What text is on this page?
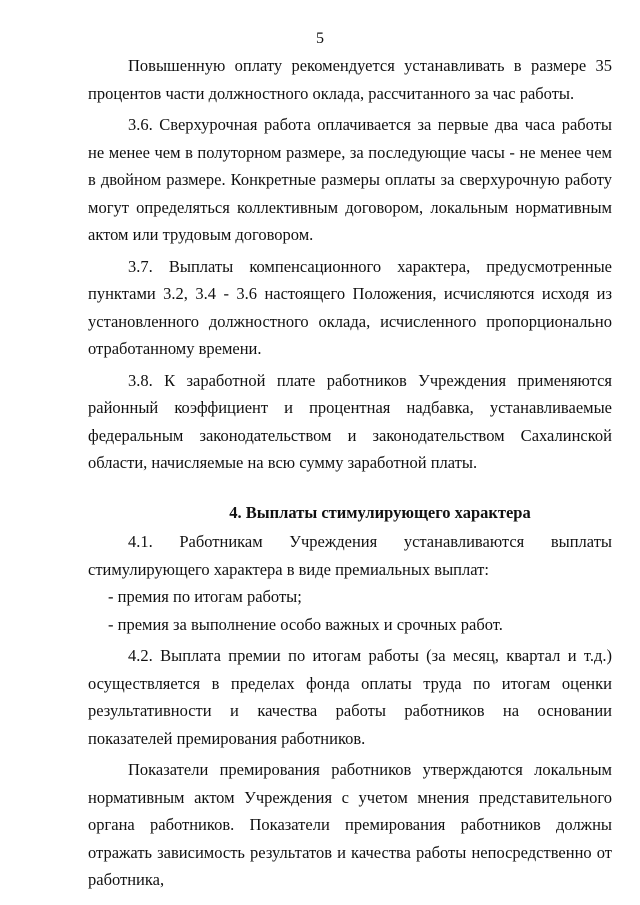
5

Повышенную оплату рекомендуется устанавливать в размере 35 процентов части должностного оклада, рассчитанного за час работы.

3.6. Сверхурочная работа оплачивается за первые два часа работы не менее чем в полуторном размере, за последующие часы - не менее чем в двойном размере. Конкретные размеры оплаты за сверхурочную работу могут определяться коллективным договором, локальным нормативным актом или трудовым договором.

3.7. Выплаты компенсационного характера, предусмотренные пунктами 3.2, 3.4 - 3.6 настоящего Положения, исчисляются исходя из установленного должностного оклада, исчисленного пропорционально отработанному времени.

3.8. К заработной плате работников Учреждения применяются районный коэффициент и процентная надбавка, устанавливаемые федеральным законодательством и законодательством Сахалинской области, начисляемые на всю сумму заработной платы.

4. Выплаты стимулирующего характера

4.1. Работникам Учреждения устанавливаются выплаты стимулирующего характера в виде премиальных выплат:

- премия по итогам работы;

- премия за выполнение особо важных и срочных работ.

4.2. Выплата премии по итогам работы (за месяц, квартал и т.д.) осуществляется в пределах фонда оплаты труда по итогам оценки результативности и качества работы работников на основании показателей премирования работников.

Показатели премирования работников утверждаются локальным нормативным актом Учреждения с учетом мнения представительного органа работников. Показатели премирования работников должны отражать зависимость результатов и качества работы непосредственно от работника,
